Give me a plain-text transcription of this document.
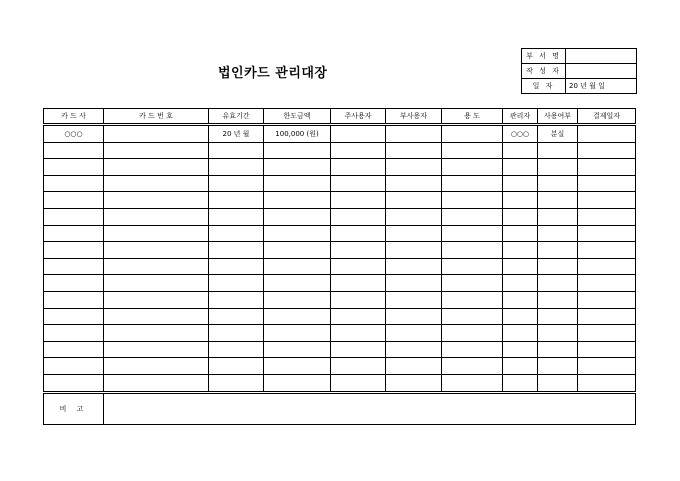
법인카드 관리대장
부 서 명	
작 성 자	
일 자	20 년 월 일
카 드 사	카 드 번 호	유효기간	한도금액	주사용자	부사용자	용 도	관리자	사용여부	결제일자
○○○		20 년 월	100,000 (원)				○○○	분실	

비 고									
